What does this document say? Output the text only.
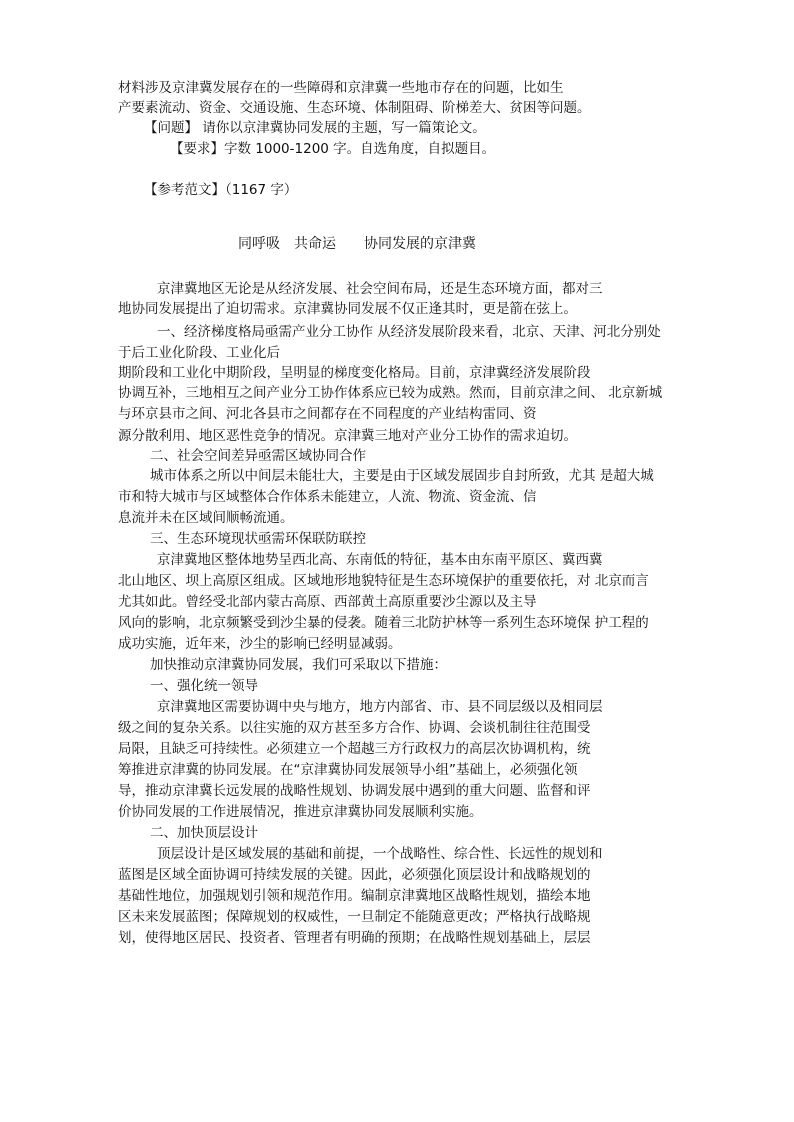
材料涉及京津冀发展存在的一些障碍和京津冀一些地市存在的问题，比如生
产要素流动、资金、交通设施、生态环境、体制阻碍、阶梯差大、贫困等问题。
【问题】 请你以京津冀协同发展的主题，写一篇策论文。
【要求】字数 1000-1200 字。自选角度，自拟题目。
【参考范文】（1167 字）
同呼吸　共命运　　协同发展的京津冀
京津冀地区无论是从经济发展、社会空间布局，还是生态环境方面，都对三
地协同发展提出了迫切需求。京津冀协同发展不仅正逢其时，更是箭在弦上。
一、经济梯度格局亟需产业分工协作 从经济发展阶段来看，北京、天津、河北分别处
于后工业化阶段、工业化后
期阶段和工业化中期阶段，呈明显的梯度变化格局。目前，京津冀经济发展阶段
协调互补，三地相互之间产业分工协作体系应已较为成熟。然而，目前京津之间、 北京新城
与环京县市之间、河北各县市之间都存在不同程度的产业结构雷同、资
源分散利用、地区恶性竞争的情况。京津冀三地对产业分工协作的需求迫切。
二、社会空间差异亟需区域协同合作
城市体系之所以中间层未能壮大，主要是由于区域发展固步自封所致，尤其 是超大城
市和特大城市与区域整体合作体系未能建立，人流、物流、资金流、信
息流并未在区域间顺畅流通。
三、生态环境现状亟需环保联防联控
京津冀地区整体地势呈西北高、东南低的特征，基本由东南平原区、冀西冀
北山地区、坝上高原区组成。区域地形地貌特征是生态环境保护的重要依托，对 北京而言
尤其如此。曾经受北部内蒙古高原、西部黄土高原重要沙尘源以及主导
风向的影响，北京频繁受到沙尘暴的侵袭。随着三北防护林等一系列生态环境保 护工程的
成功实施，近年来，沙尘的影响已经明显减弱。
加快推动京津冀协同发展，我们可采取以下措施：
一、强化统一领导
京津冀地区需要协调中央与地方，地方内部省、市、县不同层级以及相同层
级之间的复杂关系。以往实施的双方甚至多方合作、协调、会谈机制往往范围受
局限，且缺乏可持续性。必须建立一个超越三方行政权力的高层次协调机构，统
筹推进京津冀的协同发展。在“京津冀协同发展领导小组”基础上，必须强化领
导，推动京津冀长远发展的战略性规划、协调发展中遇到的重大问题、监督和评
价协同发展的工作进展情况，推进京津冀协同发展顺利实施。
二、加快顶层设计
顶层设计是区域发展的基础和前提，一个战略性、综合性、长远性的规划和
蓝图是区域全面协调可持续发展的关键。因此，必须强化顶层设计和战略规划的
基础性地位，加强规划引领和规范作用。编制京津冀地区战略性规划，描绘本地
区未来发展蓝图；保障规划的权威性，一旦制定不能随意更改；严格执行战略规
划，使得地区居民、投资者、管理者有明确的预期；在战略性规划基础上，层层
